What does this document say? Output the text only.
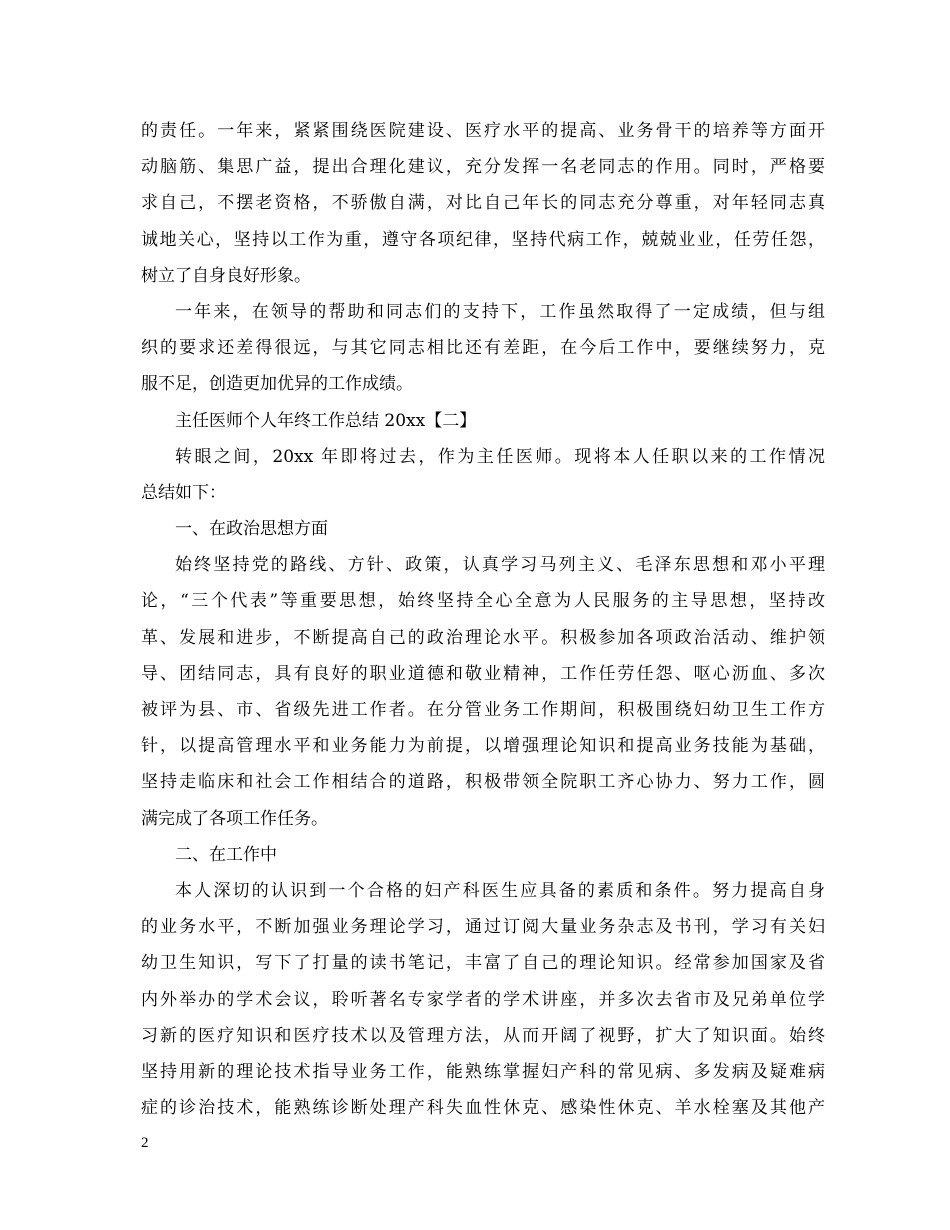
的责任。一年来，紧紧围绕医院建设、医疗水平的提高、业务骨干的培养等方面开
动脑筋、集思广益，提出合理化建议，充分发挥一名老同志的作用。同时，严格要
求自己，不摆老资格，不骄傲自满，对比自己年长的同志充分尊重，对年轻同志真
诚地关心，坚持以工作为重，遵守各项纪律，坚持代病工作，兢兢业业，任劳任怨，
树立了自身良好形象。
一年来，在领导的帮助和同志们的支持下，工作虽然取得了一定成绩，但与组
织的要求还差得很远，与其它同志相比还有差距，在今后工作中，要继续努力，克
服不足，创造更加优异的工作成绩。
主任医师个人年终工作总结 20xx【二】
转眼之间，20xx 年即将过去，作为主任医师。现将本人任职以来的工作情况
总结如下：
一、在政治思想方面
始终坚持党的路线、方针、政策，认真学习马列主义、毛泽东思想和邓小平理
论，“三个代表”等重要思想，始终坚持全心全意为人民服务的主导思想，坚持改
革、发展和进步，不断提高自己的政治理论水平。积极参加各项政治活动、维护领
导、团结同志，具有良好的职业道德和敬业精神，工作任劳任怨、呕心沥血、多次
被评为县、市、省级先进工作者。在分管业务工作期间，积极围绕妇幼卫生工作方
针，以提高管理水平和业务能力为前提，以增强理论知识和提高业务技能为基础，
坚持走临床和社会工作相结合的道路，积极带领全院职工齐心协力、努力工作，圆
满完成了各项工作任务。
二、在工作中
本人深切的认识到一个合格的妇产科医生应具备的素质和条件。努力提高自身
的业务水平，不断加强业务理论学习，通过订阅大量业务杂志及书刊，学习有关妇
幼卫生知识，写下了打量的读书笔记，丰富了自己的理论知识。经常参加国家及省
内外举办的学术会议，聆听著名专家学者的学术讲座，并多次去省市及兄弟单位学
习新的医疗知识和医疗技术以及管理方法，从而开阔了视野，扩大了知识面。始终
坚持用新的理论技术指导业务工作，能熟练掌握妇产科的常见病、多发病及疑难病
症的诊治技术，能熟练诊断处理产科失血性休克、感染性休克、羊水栓塞及其他产
2
